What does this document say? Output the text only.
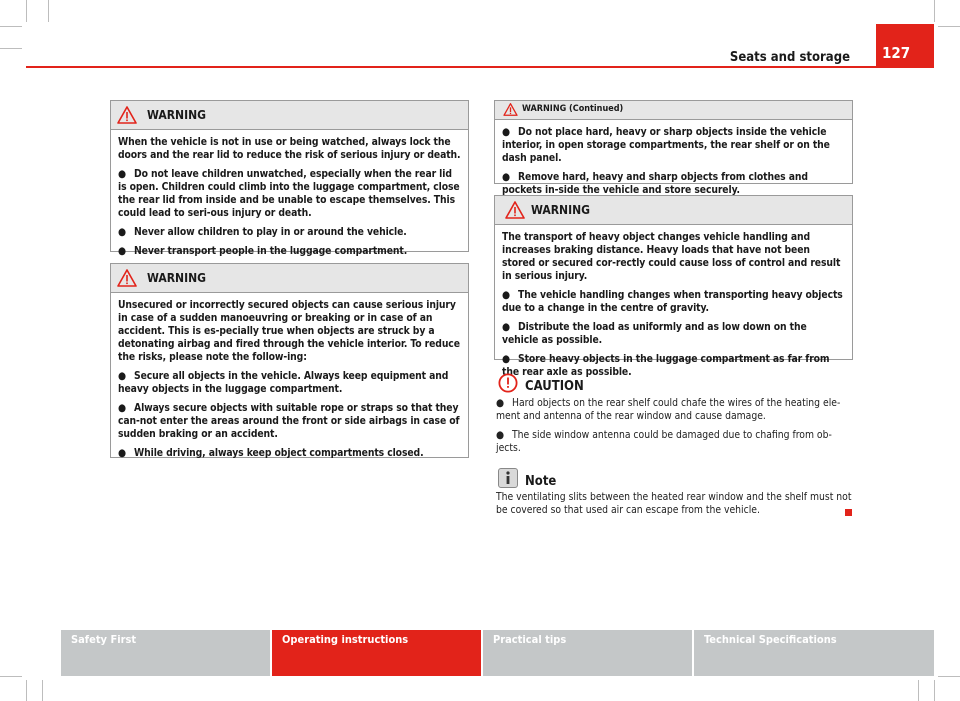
Seats and storage 127
WARNING

When the vehicle is not in use or being watched, always lock the doors and the rear lid to reduce the risk of serious injury or death.

● Do not leave children unwatched, especially when the rear lid is open. Children could climb into the luggage compartment, close the rear lid from inside and be unable to escape themselves. This could lead to seri-ous injury or death.

● Never allow children to play in or around the vehicle.

● Never transport people in the luggage compartment.

WARNING

Unsecured or incorrectly secured objects can cause serious injury in case of a sudden manoeuvring or breaking or in case of an accident. This is es-pecially true when objects are struck by a detonating airbag and fired through the vehicle interior. To reduce the risks, please note the follow-ing:

● Secure all objects in the vehicle. Always keep equipment and heavy objects in the luggage compartment.

● Always secure objects with suitable rope or straps so that they can-not enter the areas around the front or side airbags in case of sudden braking or an accident.

● While driving, always keep object compartments closed.

WARNING (Continued)

● Do not place hard, heavy or sharp objects inside the vehicle interior, in open storage compartments, the rear shelf or on the dash panel.

● Remove hard, heavy and sharp objects from clothes and pockets in-side the vehicle and store securely.

WARNING

The transport of heavy object changes vehicle handling and increases braking distance. Heavy loads that have not been stored or secured cor-rectly could cause loss of control and result in serious injury.

● The vehicle handling changes when transporting heavy objects due to a change in the centre of gravity.

● Distribute the load as uniformly and as low down on the vehicle as possible.

● Store heavy objects in the luggage compartment as far from the rear axle as possible.

CAUTION

● Hard objects on the rear shelf could chafe the wires of the heating ele-ment and antenna of the rear window and cause damage.

● The side window antenna could be damaged due to chafing from ob-jects.

Note
The ventilating slits between the heated rear window and the shelf must not be covered so that used air can escape from the vehicle.
Safety First	Operating instructions	Practical tips	Technical Specifications
